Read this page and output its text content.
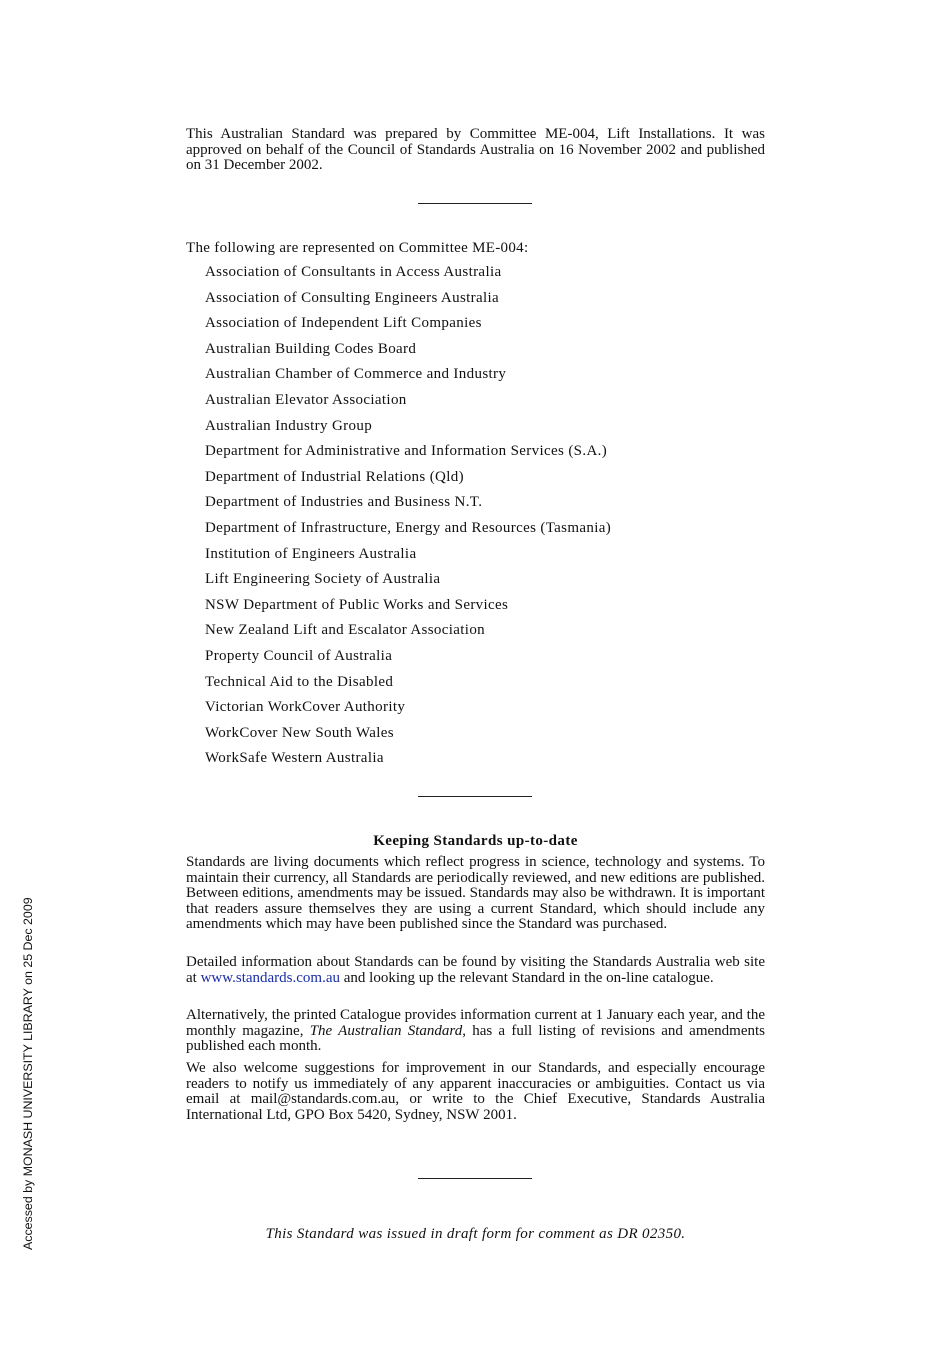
This Australian Standard was prepared by Committee ME-004, Lift Installations. It was approved on behalf of the Council of Standards Australia on 16 November 2002 and published on 31 December 2002.
The following are represented on Committee ME-004:
Association of Consultants in Access Australia
Association of Consulting Engineers Australia
Association of Independent Lift Companies
Australian Building Codes Board
Australian Chamber of Commerce and Industry
Australian Elevator Association
Australian Industry Group
Department for Administrative and Information Services (S.A.)
Department of Industrial Relations (Qld)
Department of Industries and Business N.T.
Department of Infrastructure, Energy and Resources (Tasmania)
Institution of Engineers Australia
Lift Engineering Society of Australia
NSW Department of Public Works and Services
New Zealand Lift and Escalator Association
Property Council of Australia
Technical Aid to the Disabled
Victorian WorkCover Authority
WorkCover New South Wales
WorkSafe Western Australia
Keeping Standards up-to-date
Standards are living documents which reflect progress in science, technology and systems. To maintain their currency, all Standards are periodically reviewed, and new editions are published. Between editions, amendments may be issued. Standards may also be withdrawn. It is important that readers assure themselves they are using a current Standard, which should include any amendments which may have been published since the Standard was purchased.
Detailed information about Standards can be found by visiting the Standards Australia web site at www.standards.com.au and looking up the relevant Standard in the on-line catalogue.
Alternatively, the printed Catalogue provides information current at 1 January each year, and the monthly magazine, The Australian Standard, has a full listing of revisions and amendments published each month.
We also welcome suggestions for improvement in our Standards, and especially encourage readers to notify us immediately of any apparent inaccuracies or ambiguities. Contact us via email at mail@standards.com.au, or write to the Chief Executive, Standards Australia International Ltd, GPO Box 5420, Sydney, NSW 2001.
This Standard was issued in draft form for comment as DR 02350.
Accessed by MONASH UNIVERSITY LIBRARY on 25 Dec 2009
